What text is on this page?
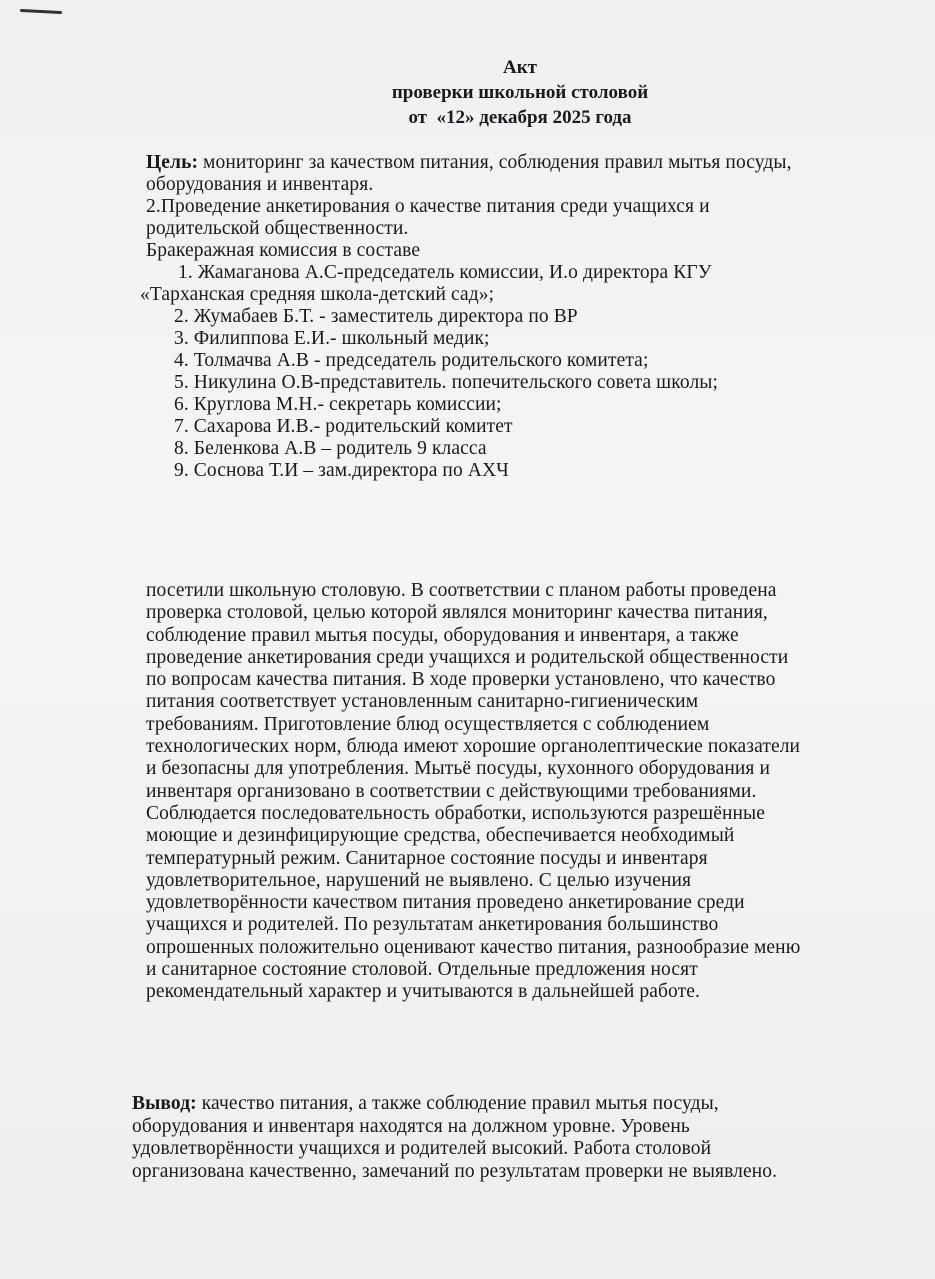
Акт
проверки школьной столовой
от  «12» декабря 2025 года
Цель: мониторинг за качеством питания, соблюдения правил мытья посуды,
оборудования и инвентаря.
2.Проведение анкетирования о качестве питания среди учащихся и
родительской общественности.
Бракеражная комиссия в составе
1. Жамаганова А.С-председатель комиссии, И.о директора КГУ
«Тарханская средняя школа-детский сад»;
2. Жумабаев Б.Т. - заместитель директора по ВР
3. Филиппова Е.И.- школьный медик;
4. Толмачва А.В - председатель родительского комитета;
5. Никулина О.В-представитель. попечительского совета школы;
6. Круглова М.Н.- секретарь комиссии;
7. Сахарова И.В.- родительский комитет
8. Беленкова А.В – родитель 9 класса
9. Соснова Т.И – зам.директора по АХЧ
посетили школьную столовую. В соответствии с планом работы проведена
проверка столовой, целью которой являлся мониторинг качества питания,
соблюдение правил мытья посуды, оборудования и инвентаря, а также
проведение анкетирования среди учащихся и родительской общественности
по вопросам качества питания. В ходе проверки установлено, что качество
питания соответствует установленным санитарно-гигиеническим
требованиям. Приготовление блюд осуществляется с соблюдением
технологических норм, блюда имеют хорошие органолептические показатели
и безопасны для употребления. Мытьё посуды, кухонного оборудования и
инвентаря организовано в соответствии с действующими требованиями.
Соблюдается последовательность обработки, используются разрешённые
моющие и дезинфицирующие средства, обеспечивается необходимый
температурный режим. Санитарное состояние посуды и инвентаря
удовлетворительное, нарушений не выявлено. С целью изучения
удовлетворённости качеством питания проведено анкетирование среди
учащихся и родителей. По результатам анкетирования большинство
опрошенных положительно оценивают качество питания, разнообразие меню
и санитарное состояние столовой. Отдельные предложения носят
рекомендательный характер и учитываются в дальнейшей работе.
Вывод: качество питания, а также соблюдение правил мытья посуды,
оборудования и инвентаря находятся на должном уровне. Уровень
удовлетворённости учащихся и родителей высокий. Работа столовой
организована качественно, замечаний по результатам проверки не выявлено.
